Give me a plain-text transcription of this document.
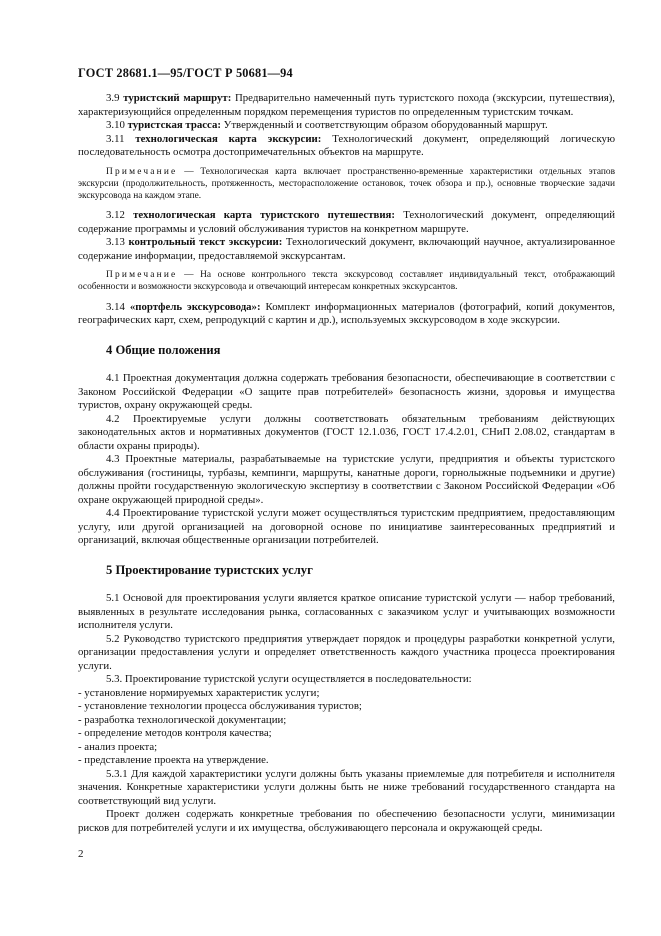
ГОСТ 28681.1—95/ГОСТ Р 50681—94

3.9 туристский маршрут: Предварительно намеченный путь туристского похода (экскурсии, путешествия), характеризующийся определенным порядком перемещения туристов по определенным туристским точкам.

3.10 туристская трасса: Утвержденный и соответствующим образом оборудованный маршрут.

3.11 технологическая карта экскурсии: Технологический документ, определяющий логическую последовательность осмотра достопримечательных объектов на маршруте.

Примечание — Технологическая карта включает пространственно-временные характеристики отдельных этапов экскурсии (продолжительность, протяженность, месторасположение остановок, точек обзора и пр.), основные творческие задачи экскурсовода на каждом этапе.

3.12 технологическая карта туристского путешествия: Технологический документ, определяющий содержание программы и условий обслуживания туристов на конкретном маршруте.

3.13 контрольный текст экскурсии: Технологический документ, включающий научное, актуализированное содержание информации, предоставляемой экскурсантам.

Примечание — На основе контрольного текста экскурсовод составляет индивидуальный текст, отображающий особенности и возможности экскурсовода и отвечающий интересам конкретных экскурсантов.

3.14 «портфель экскурсовода»: Комплект информационных материалов (фотографий, копий документов, географических карт, схем, репродукций с картин и др.), используемых экскурсоводом в ходе экскурсии.

4 Общие положения

4.1 Проектная документация должна содержать требования безопасности, обеспечивающие в соответствии с Законом Российской Федерации «О защите прав потребителей» безопасность жизни, здоровья и имущества туристов, охрану окружающей среды.

4.2 Проектируемые услуги должны соответствовать обязательным требованиям действующих законодательных актов и нормативных документов (ГОСТ 12.1.036, ГОСТ 17.4.2.01, СНиП 2.08.02, стандартам в области охраны природы).

4.3 Проектные материалы, разрабатываемые на туристские услуги, предприятия и объекты туристского обслуживания (гостиницы, турбазы, кемпинги, маршруты, канатные дороги, горнолыжные подъемники и другие) должны пройти государственную экологическую экспертизу в соответствии с Законом Российской Федерации «Об охране окружающей природной среды».

4.4 Проектирование туристской услуги может осуществляться туристским предприятием, предоставляющим услугу, или другой организацией на договорной основе по инициативе заинтересованных предприятий и организаций, включая общественные организации потребителей.

5 Проектирование туристских услуг

5.1 Основой для проектирования услуги является краткое описание туристской услуги — набор требований, выявленных в результате исследования рынка, согласованных с заказчиком услуг и учитывающих возможности исполнителя услуги.

5.2 Руководство туристского предприятия утверждает порядок и процедуры разработки конкретной услуги, организации предоставления услуги и определяет ответственность каждого участника процесса проектирования услуги.

5.3. Проектирование туристской услуги осуществляется в последовательности:

- установление нормируемых характеристик услуги;
- установление технологии процесса обслуживания туристов;
- разработка технологической документации;
- определение методов контроля качества;
- анализ проекта;
- представление проекта на утверждение.

5.3.1 Для каждой характеристики услуги должны быть указаны приемлемые для потребителя и исполнителя значения. Конкретные характеристики услуги должны быть не ниже требований государственного стандарта на соответствующий вид услуги.

Проект должен содержать конкретные требования по обеспечению безопасности услуги, минимизации рисков для потребителей услуги и их имущества, обслуживающего персонала и окружающей среды.

2
